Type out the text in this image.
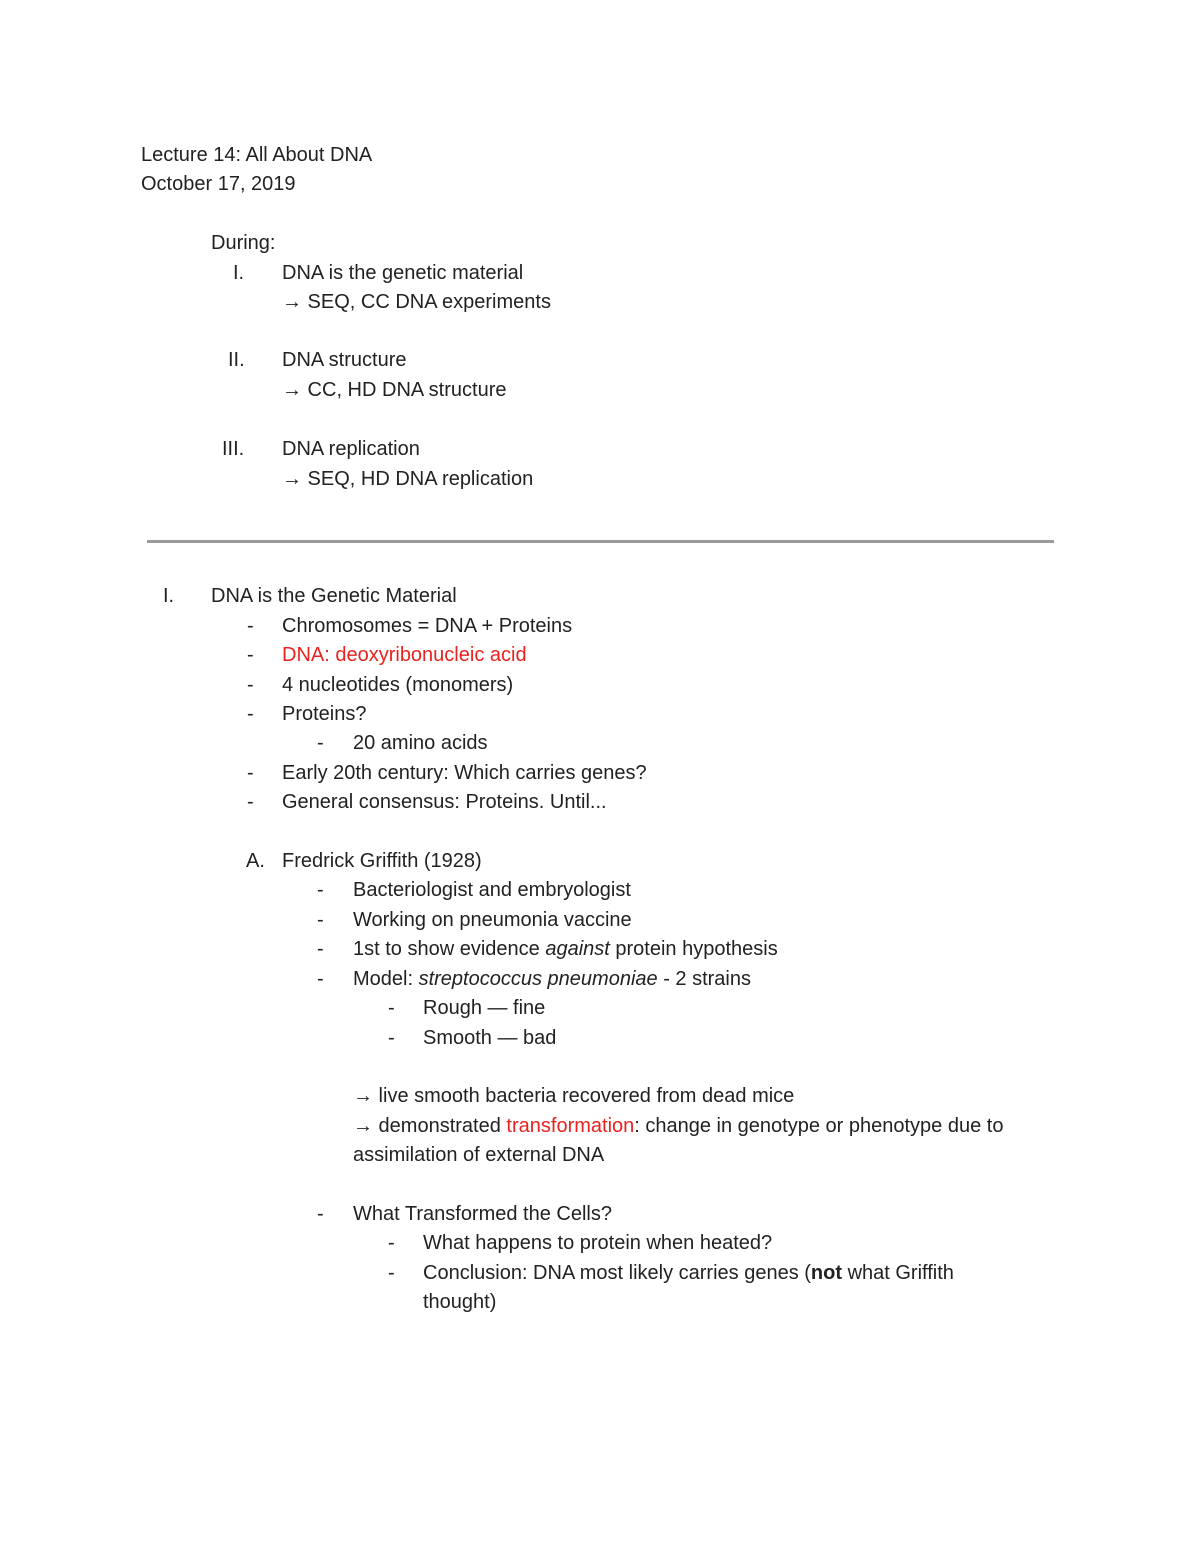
Lecture 14: All About DNA
October 17, 2019
During:
I. DNA is the genetic material
→ SEQ, CC DNA experiments
II. DNA structure
→ CC, HD DNA structure
III. DNA replication
→ SEQ, HD DNA replication
I. DNA is the Genetic Material
- Chromosomes = DNA + Proteins
- DNA: deoxyribonucleic acid
- 4 nucleotides (monomers)
- Proteins?
- 20 amino acids
- Early 20th century: Which carries genes?
- General consensus: Proteins. Until...
A. Fredrick Griffith (1928)
- Bacteriologist and embryologist
- Working on pneumonia vaccine
- 1st to show evidence against protein hypothesis
- Model: streptococcus pneumoniae - 2 strains
- Rough — fine
- Smooth — bad
→ live smooth bacteria recovered from dead mice
→ demonstrated transformation: change in genotype or phenotype due to
assimilation of external DNA
- What Transformed the Cells?
- What happens to protein when heated?
- Conclusion: DNA most likely carries genes (not what Griffith
thought)
